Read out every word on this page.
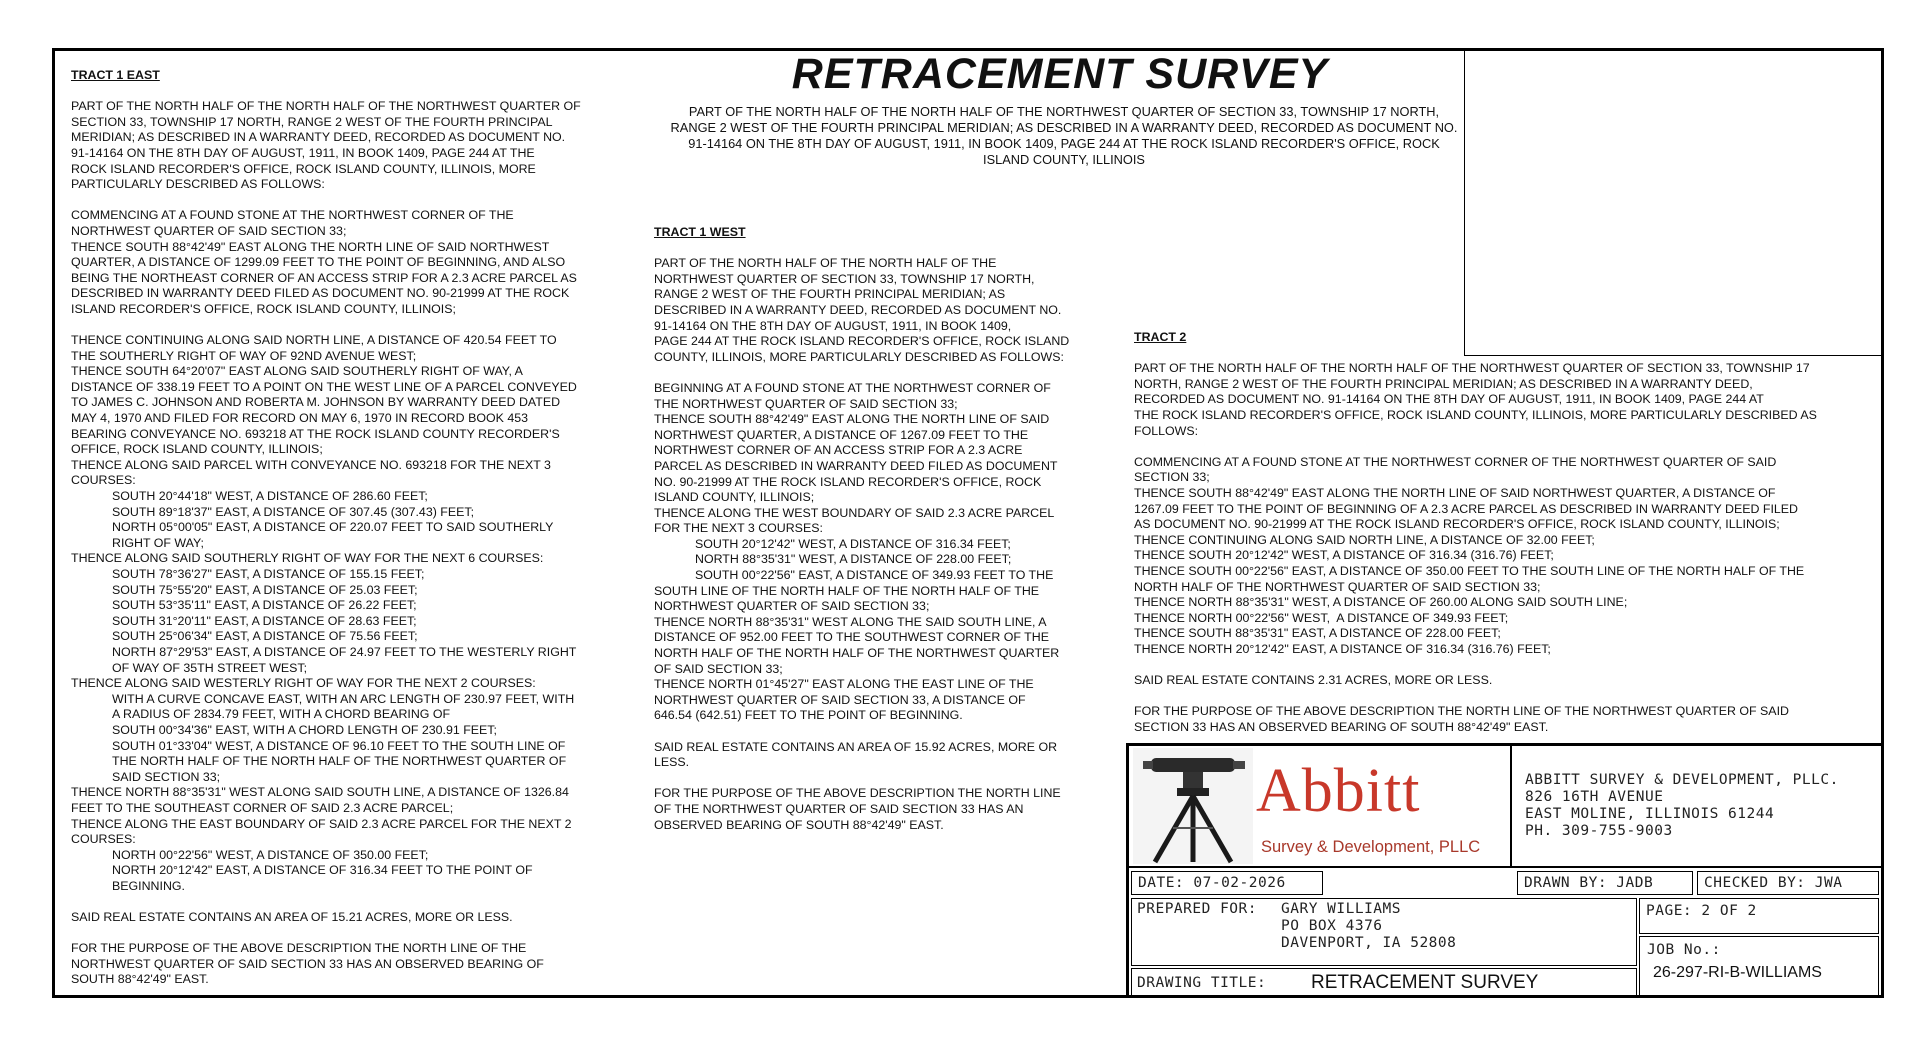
RETRACEMENT SURVEY
PART OF THE NORTH HALF OF THE NORTH HALF OF THE NORTHWEST QUARTER OF SECTION 33, TOWNSHIP 17 NORTH, RANGE 2 WEST OF THE FOURTH PRINCIPAL MERIDIAN; AS DESCRIBED IN A WARRANTY DEED, RECORDED AS DOCUMENT NO. 91-14164 ON THE 8TH DAY OF AUGUST, 1911, IN BOOK 1409, PAGE 244 AT THE ROCK ISLAND RECORDER'S OFFICE, ROCK ISLAND COUNTY, ILLINOIS

TRACT 1 EAST

PART OF THE NORTH HALF OF THE NORTH HALF OF THE NORTHWEST QUARTER OF
SECTION 33, TOWNSHIP 17 NORTH, RANGE 2 WEST OF THE FOURTH PRINCIPAL
MERIDIAN; AS DESCRIBED IN A WARRANTY DEED, RECORDED AS DOCUMENT NO.
91-14164 ON THE 8TH DAY OF AUGUST, 1911, IN BOOK 1409, PAGE 244 AT THE
ROCK ISLAND RECORDER'S OFFICE, ROCK ISLAND COUNTY, ILLINOIS, MORE
PARTICULARLY DESCRIBED AS FOLLOWS:

COMMENCING AT A FOUND STONE AT THE NORTHWEST CORNER OF THE
NORTHWEST QUARTER OF SAID SECTION 33;
THENCE SOUTH 88°42'49" EAST ALONG THE NORTH LINE OF SAID NORTHWEST
QUARTER, A DISTANCE OF 1299.09 FEET TO THE POINT OF BEGINNING, AND ALSO
BEING THE NORTHEAST CORNER OF AN ACCESS STRIP FOR A 2.3 ACRE PARCEL AS
DESCRIBED IN WARRANTY DEED FILED AS DOCUMENT NO. 90-21999 AT THE ROCK
ISLAND RECORDER'S OFFICE, ROCK ISLAND COUNTY, ILLINOIS;

THENCE CONTINUING ALONG SAID NORTH LINE, A DISTANCE OF 420.54 FEET TO
THE SOUTHERLY RIGHT OF WAY OF 92ND AVENUE WEST;
THENCE SOUTH 64°20'07" EAST ALONG SAID SOUTHERLY RIGHT OF WAY, A
DISTANCE OF 338.19 FEET TO A POINT ON THE WEST LINE OF A PARCEL CONVEYED
TO JAMES C. JOHNSON AND ROBERTA M. JOHNSON BY WARRANTY DEED DATED
MAY 4, 1970 AND FILED FOR RECORD ON MAY 6, 1970 IN RECORD BOOK 453
BEARING CONVEYANCE NO. 693218 AT THE ROCK ISLAND COUNTY RECORDER'S
OFFICE, ROCK ISLAND COUNTY, ILLINOIS;
THENCE ALONG SAID PARCEL WITH CONVEYANCE NO. 693218 FOR THE NEXT 3
COURSES:

SOUTH 20°44'18" WEST, A DISTANCE OF 286.60 FEET;
SOUTH 89°18'37" EAST, A DISTANCE OF 307.45 (307.43) FEET;
NORTH 05°00'05" EAST, A DISTANCE OF 220.07 FEET TO SAID SOUTHERLY
RIGHT OF WAY;

THENCE ALONG SAID SOUTHERLY RIGHT OF WAY FOR THE NEXT 6 COURSES:

SOUTH 78°36'27" EAST, A DISTANCE OF 155.15 FEET;
SOUTH 75°55'20" EAST, A DISTANCE OF 25.03 FEET;
SOUTH 53°35'11" EAST, A DISTANCE OF 26.22 FEET;
SOUTH 31°20'11" EAST, A DISTANCE OF 28.63 FEET;
SOUTH 25°06'34" EAST, A DISTANCE OF 75.56 FEET;
NORTH 87°29'53" EAST, A DISTANCE OF 24.97 FEET TO THE WESTERLY RIGHT
OF WAY OF 35TH STREET WEST;

THENCE ALONG SAID WESTERLY RIGHT OF WAY FOR THE NEXT 2 COURSES:

WITH A CURVE CONCAVE EAST, WITH AN ARC LENGTH OF 230.97 FEET, WITH
A RADIUS OF 2834.79 FEET, WITH A CHORD BEARING OF
SOUTH 00°34'36" EAST, WITH A CHORD LENGTH OF 230.91 FEET;
SOUTH 01°33'04" WEST, A DISTANCE OF 96.10 FEET TO THE SOUTH LINE OF
THE NORTH HALF OF THE NORTH HALF OF THE NORTHWEST QUARTER OF
SAID SECTION 33;

THENCE NORTH 88°35'31" WEST ALONG SAID SOUTH LINE, A DISTANCE OF 1326.84
FEET TO THE SOUTHEAST CORNER OF SAID 2.3 ACRE PARCEL;
THENCE ALONG THE EAST BOUNDARY OF SAID 2.3 ACRE PARCEL FOR THE NEXT 2
COURSES:

NORTH 00°22'56" WEST, A DISTANCE OF 350.00 FEET;
NORTH 20°12'42" EAST, A DISTANCE OF 316.34 FEET TO THE POINT OF
BEGINNING.

SAID REAL ESTATE CONTAINS AN AREA OF 15.21 ACRES, MORE OR LESS.

FOR THE PURPOSE OF THE ABOVE DESCRIPTION THE NORTH LINE OF THE
NORTHWEST QUARTER OF SAID SECTION 33 HAS AN OBSERVED BEARING OF
SOUTH 88°42'49" EAST.

TRACT 1 WEST

PART OF THE NORTH HALF OF THE NORTH HALF OF THE
NORTHWEST QUARTER OF SECTION 33, TOWNSHIP 17 NORTH,
RANGE 2 WEST OF THE FOURTH PRINCIPAL MERIDIAN; AS
DESCRIBED IN A WARRANTY DEED, RECORDED AS DOCUMENT NO.
91-14164 ON THE 8TH DAY OF AUGUST, 1911, IN BOOK 1409,
PAGE 244 AT THE ROCK ISLAND RECORDER'S OFFICE, ROCK ISLAND
COUNTY, ILLINOIS, MORE PARTICULARLY DESCRIBED AS FOLLOWS:

BEGINNING AT A FOUND STONE AT THE NORTHWEST CORNER OF
THE NORTHWEST QUARTER OF SAID SECTION 33;
THENCE SOUTH 88°42'49" EAST ALONG THE NORTH LINE OF SAID
NORTHWEST QUARTER, A DISTANCE OF 1267.09 FEET TO THE
NORTHWEST CORNER OF AN ACCESS STRIP FOR A 2.3 ACRE
PARCEL AS DESCRIBED IN WARRANTY DEED FILED AS DOCUMENT
NO. 90-21999 AT THE ROCK ISLAND RECORDER'S OFFICE, ROCK
ISLAND COUNTY, ILLINOIS;
THENCE ALONG THE WEST BOUNDARY OF SAID 2.3 ACRE PARCEL
FOR THE NEXT 3 COURSES:

SOUTH 20°12'42" WEST, A DISTANCE OF 316.34 FEET;
NORTH 88°35'31" WEST, A DISTANCE OF 228.00 FEET;
SOUTH 00°22'56" EAST, A DISTANCE OF 349.93 FEET TO THE

SOUTH LINE OF THE NORTH HALF OF THE NORTH HALF OF THE
NORTHWEST QUARTER OF SAID SECTION 33;
THENCE NORTH 88°35'31" WEST ALONG THE SAID SOUTH LINE, A
DISTANCE OF 952.00 FEET TO THE SOUTHWEST CORNER OF THE
NORTH HALF OF THE NORTH HALF OF THE NORTHWEST QUARTER
OF SAID SECTION 33;
THENCE NORTH 01°45'27" EAST ALONG THE EAST LINE OF THE
NORTHWEST QUARTER OF SAID SECTION 33, A DISTANCE OF
646.54 (642.51) FEET TO THE POINT OF BEGINNING.

SAID REAL ESTATE CONTAINS AN AREA OF 15.92 ACRES, MORE OR
LESS.

FOR THE PURPOSE OF THE ABOVE DESCRIPTION THE NORTH LINE
OF THE NORTHWEST QUARTER OF SAID SECTION 33 HAS AN
OBSERVED BEARING OF SOUTH 88°42'49" EAST.

TRACT 2

PART OF THE NORTH HALF OF THE NORTH HALF OF THE NORTHWEST QUARTER OF SECTION 33, TOWNSHIP 17
NORTH, RANGE 2 WEST OF THE FOURTH PRINCIPAL MERIDIAN; AS DESCRIBED IN A WARRANTY DEED,
RECORDED AS DOCUMENT NO. 91-14164 ON THE 8TH DAY OF AUGUST, 1911, IN BOOK 1409, PAGE 244 AT
THE ROCK ISLAND RECORDER'S OFFICE, ROCK ISLAND COUNTY, ILLINOIS, MORE PARTICULARLY DESCRIBED AS
FOLLOWS:

COMMENCING AT A FOUND STONE AT THE NORTHWEST CORNER OF THE NORTHWEST QUARTER OF SAID
SECTION 33;
THENCE SOUTH 88°42'49" EAST ALONG THE NORTH LINE OF SAID NORTHWEST QUARTER, A DISTANCE OF
1267.09 FEET TO THE POINT OF BEGINNING OF A 2.3 ACRE PARCEL AS DESCRIBED IN WARRANTY DEED FILED
AS DOCUMENT NO. 90-21999 AT THE ROCK ISLAND RECORDER'S OFFICE, ROCK ISLAND COUNTY, ILLINOIS;
THENCE CONTINUING ALONG SAID NORTH LINE, A DISTANCE OF 32.00 FEET;
THENCE SOUTH 20°12'42" WEST, A DISTANCE OF 316.34 (316.76) FEET;
THENCE SOUTH 00°22'56" EAST, A DISTANCE OF 350.00 FEET TO THE SOUTH LINE OF THE NORTH HALF OF THE
NORTH HALF OF THE NORTHWEST QUARTER OF SAID SECTION 33;
THENCE NORTH 88°35'31" WEST, A DISTANCE OF 260.00 ALONG SAID SOUTH LINE;
THENCE NORTH 00°22'56" WEST,  A DISTANCE OF 349.93 FEET;
THENCE SOUTH 88°35'31" EAST, A DISTANCE OF 228.00 FEET;
THENCE NORTH 20°12'42" EAST, A DISTANCE OF 316.34 (316.76) FEET;

SAID REAL ESTATE CONTAINS 2.31 ACRES, MORE OR LESS.

FOR THE PURPOSE OF THE ABOVE DESCRIPTION THE NORTH LINE OF THE NORTHWEST QUARTER OF SAID
SECTION 33 HAS AN OBSERVED BEARING OF SOUTH 88°42'49" EAST.

Abbitt
Survey & Development, PLLC
ABBITT SURVEY & DEVELOPMENT, PLLC.
826 16TH AVENUE
EAST MOLINE, ILLINOIS 61244
PH. 309-755-9003
DATE: 07-02-2026	DRAWN BY: JADB	CHECKED BY: JWA
PREPARED FOR: GARY WILLIAMS
PO BOX 4376
DAVENPORT, IA 52808
PAGE: 2 OF 2
JOB No.:
26-297-RI-B-WILLIAMS
DRAWING TITLE: RETRACEMENT SURVEY
